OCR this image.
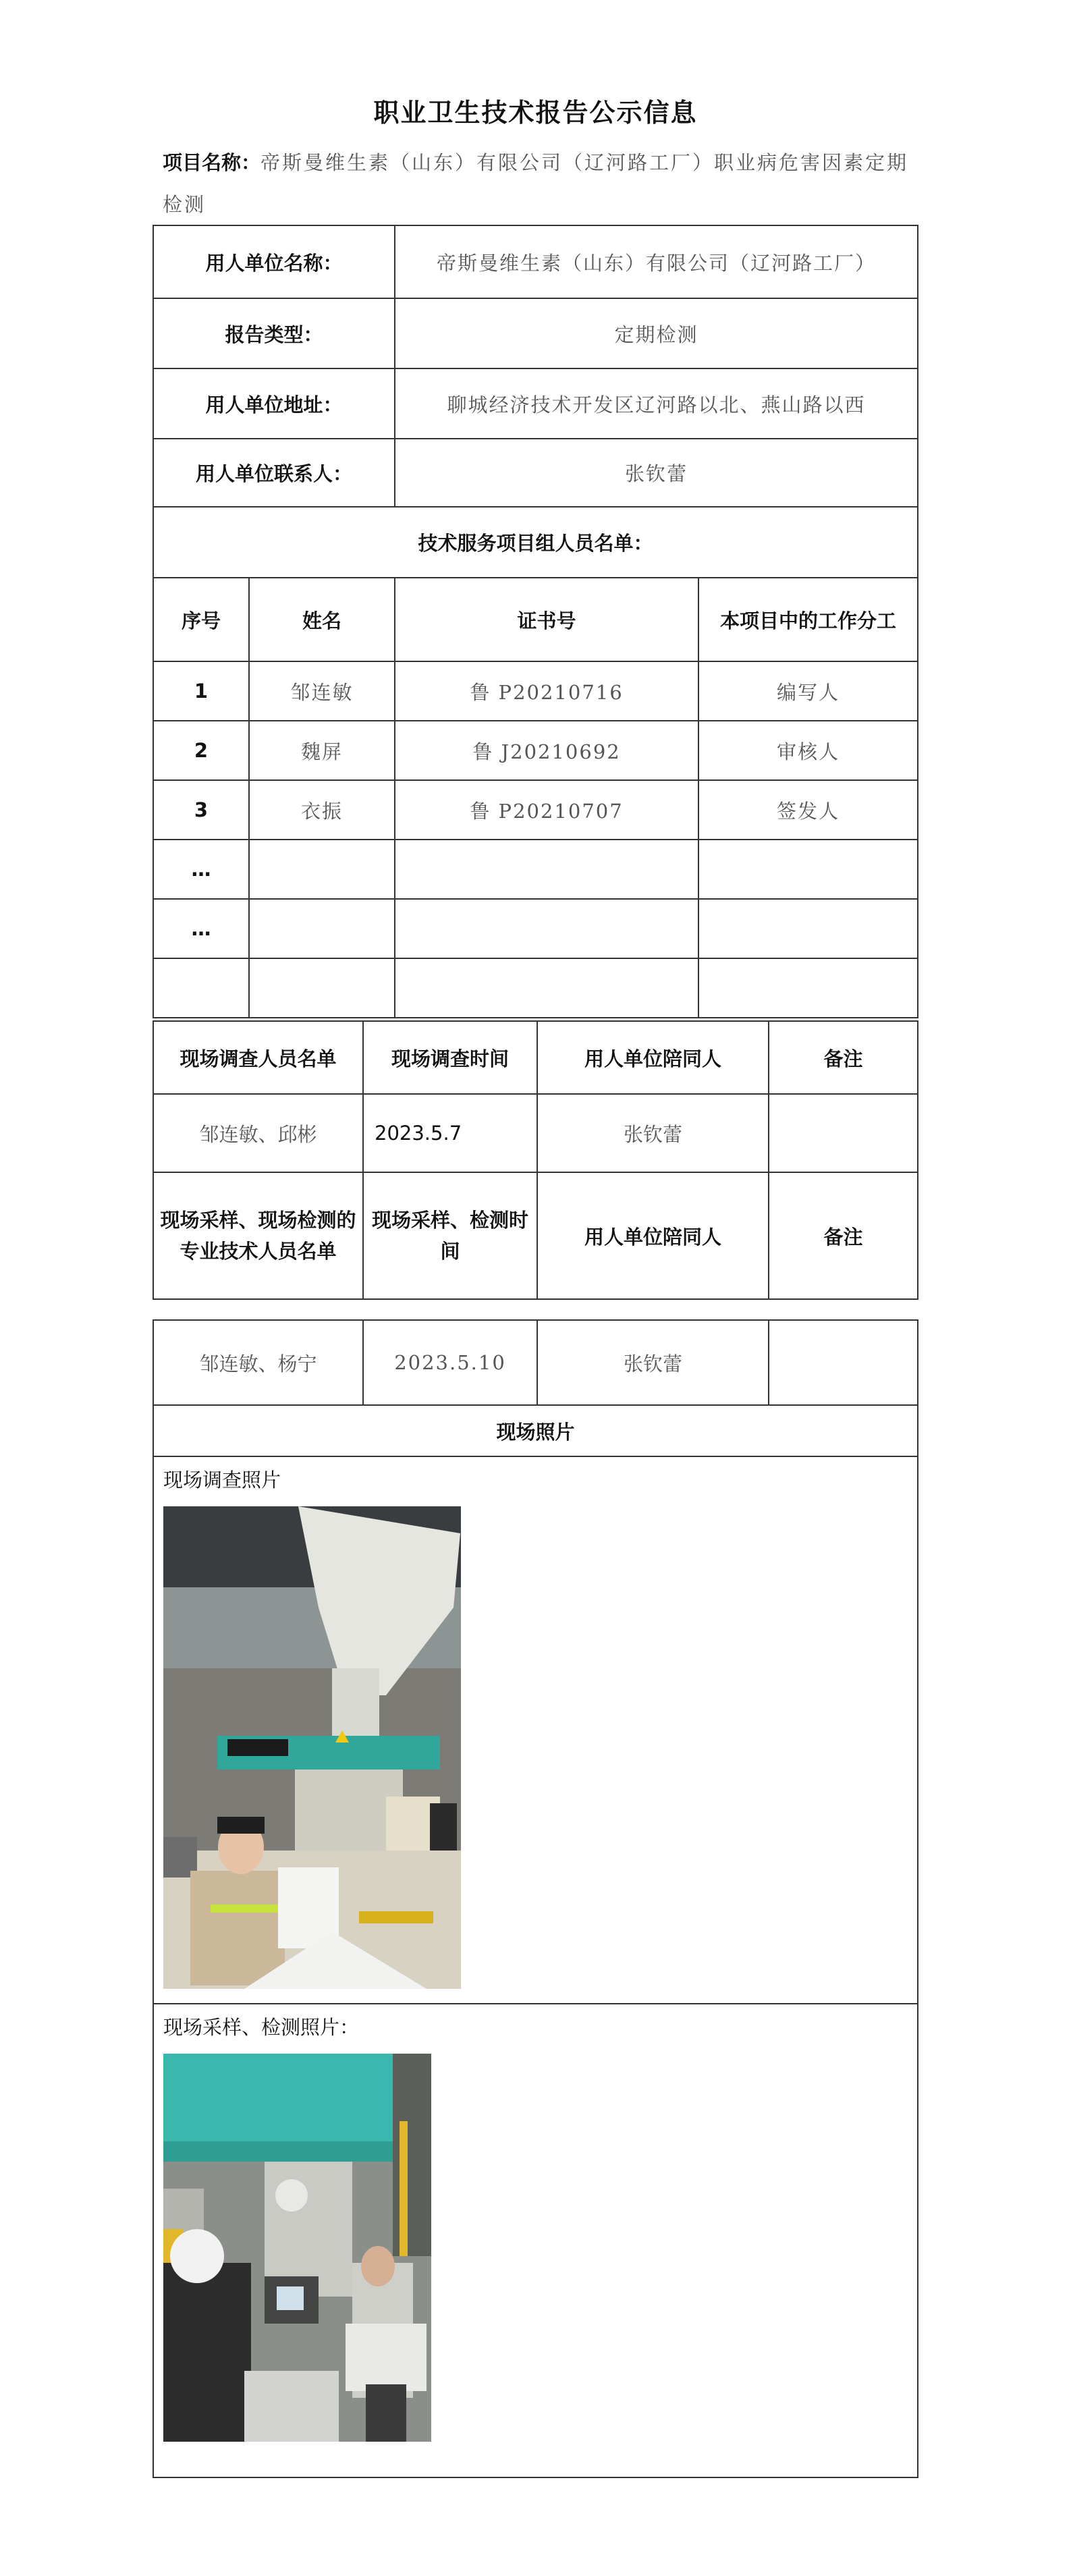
职业卫生技术报告公示信息
项目名称：帝斯曼维生素（山东）有限公司（辽河路工厂）职业病危害因素定期检测
用人单位名称：		帝斯曼维生素（山东）有限公司（辽河路工厂）	
报告类型：		定期检测	
用人单位地址：		聊城经济技术开发区辽河路以北、燕山路以西	
用人单位联系人：		张钦蕾	
技术服务项目组人员名单：			
序号	姓名	证书号	本项目中的工作分工
1	邹连敏	鲁 P20210716	编写人
2	魏屏	鲁 J20210692	审核人
3	衣振	鲁 P20210707	签发人
…			
…			

现场调查人员名单	现场调查时间	用人单位陪同人	备注
邹连敏、邱彬	2023.5.7	张钦蕾	
现场采样、现场检测的专业技术人员名单	现场采样、检测时间	用人单位陪同人	备注
邹连敏、杨宁	2023.5.10	张钦蕾	
现场照片

现场调查照片

现场采样、检测照片：
